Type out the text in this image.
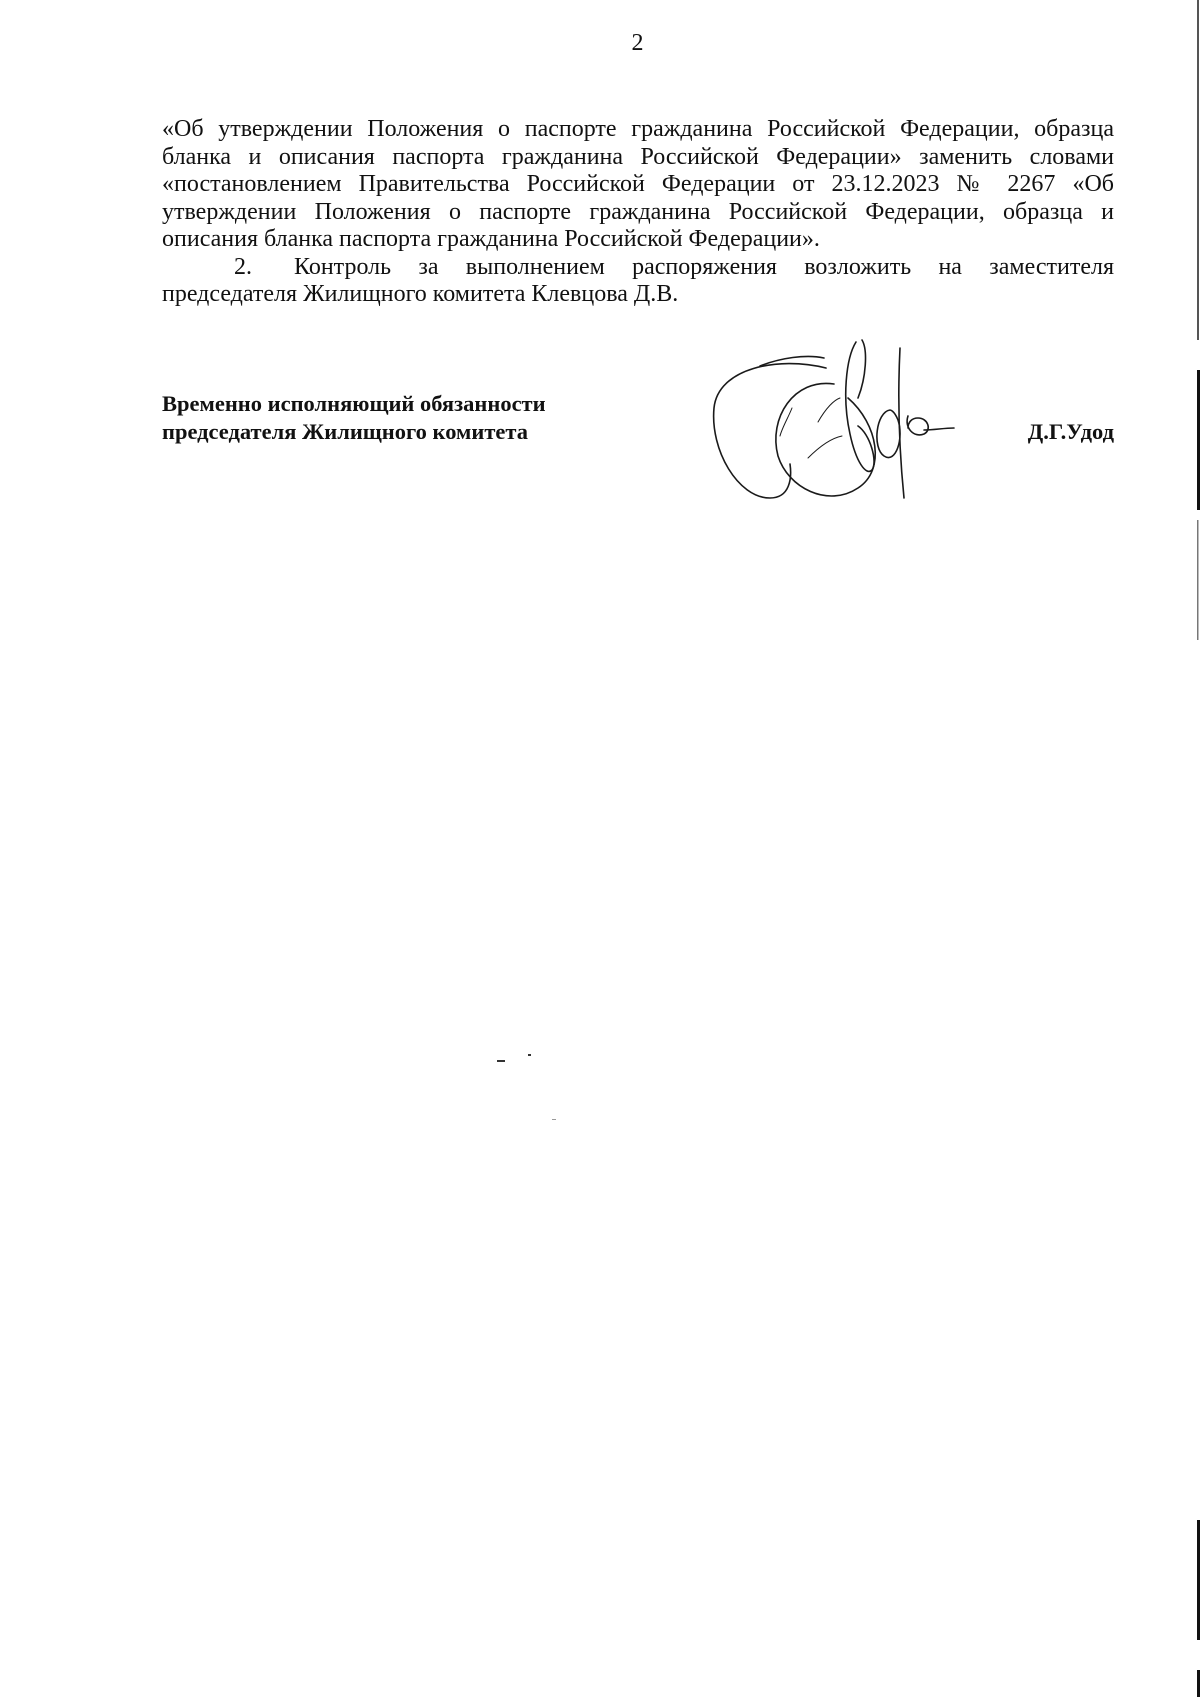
2

«Об утверждении Положения о паспорте гражданина Российской Федерации, образца бланка и описания паспорта гражданина Российской Федерации» заменить словами «постановлением Правительства Российской Федерации от 23.12.2023 № 2267 «Об утверждении Положения о паспорте гражданина Российской Федерации, образца и описания бланка паспорта гражданина Российской Федерации».

2. Контроль за выполнением распоряжения возложить на заместителя председателя Жилищного комитета Клевцова Д.В.

Временно исполняющий обязанности
председателя Жилищного комитета	Д.Г.Удод
